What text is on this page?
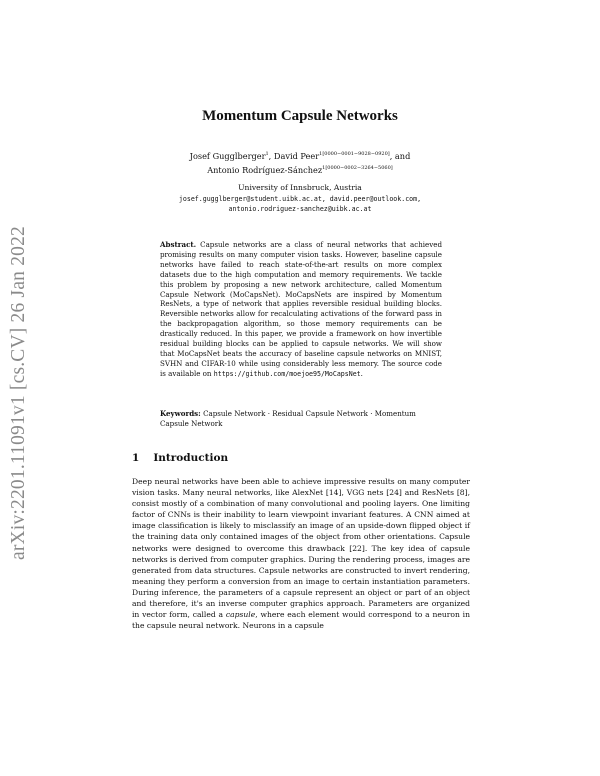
arXiv:2201.11091v1 [cs.CV] 26 Jan 2022
Momentum Capsule Networks
Josef Gugglberger$^1$, David Peer$^{1[0000-0001-9028-0920]}$, and
Antonio Rodríguez-Sánchez$^{1[0000-0002-3264-5060]}$
University of Innsbruck, Austria
josef.gugglberger@student.uibk.ac.at, david.peer@outlook.com,
antonio.rodriguez-sanchez@uibk.ac.at
Abstract. Capsule networks are a class of neural networks that achieved promising results on many computer vision tasks. However, baseline capsule networks have failed to reach state-of-the-art results on more complex datasets due to the high computation and memory requirements. We tackle this problem by proposing a new network architecture, called Momentum Capsule Network (MoCapsNet). MoCapsNets are inspired by Momentum ResNets, a type of network that applies reversible residual building blocks. Reversible networks allow for recalculating activations of the forward pass in the backpropagation algorithm, so those memory requirements can be drastically reduced. In this paper, we provide a framework on how invertible residual building blocks can be applied to capsule networks. We will show that MoCapsNet beats the accuracy of baseline capsule networks on MNIST, SVHN and CIFAR-10 while using considerably less memory. The source code is available on https://github.com/moejoe95/MoCapsNet.
Keywords: Capsule Network · Residual Capsule Network · Momentum Capsule Network
1 Introduction
Deep neural networks have been able to achieve impressive results on many computer vision tasks. Many neural networks, like AlexNet [14], VGG nets [24] and ResNets [8], consist mostly of a combination of many convolutional and pooling layers. One limiting factor of CNNs is their inability to learn viewpoint invariant features. A CNN aimed at image classification is likely to misclassify an image of an upside-down flipped object if the training data only contained images of the object from other orientations. Capsule networks were designed to overcome this drawback [22]. The key idea of capsule networks is derived from computer graphics. During the rendering process, images are generated from data structures. Capsule networks are constructed to invert rendering, meaning they perform a conversion from an image to certain instantiation parameters. During inference, the parameters of a capsule represent an object or part of an object and therefore, it's an inverse computer graphics approach. Parameters are organized in vector form, called a capsule, where each element would correspond to a neuron in the capsule neural network. Neurons in a capsule
